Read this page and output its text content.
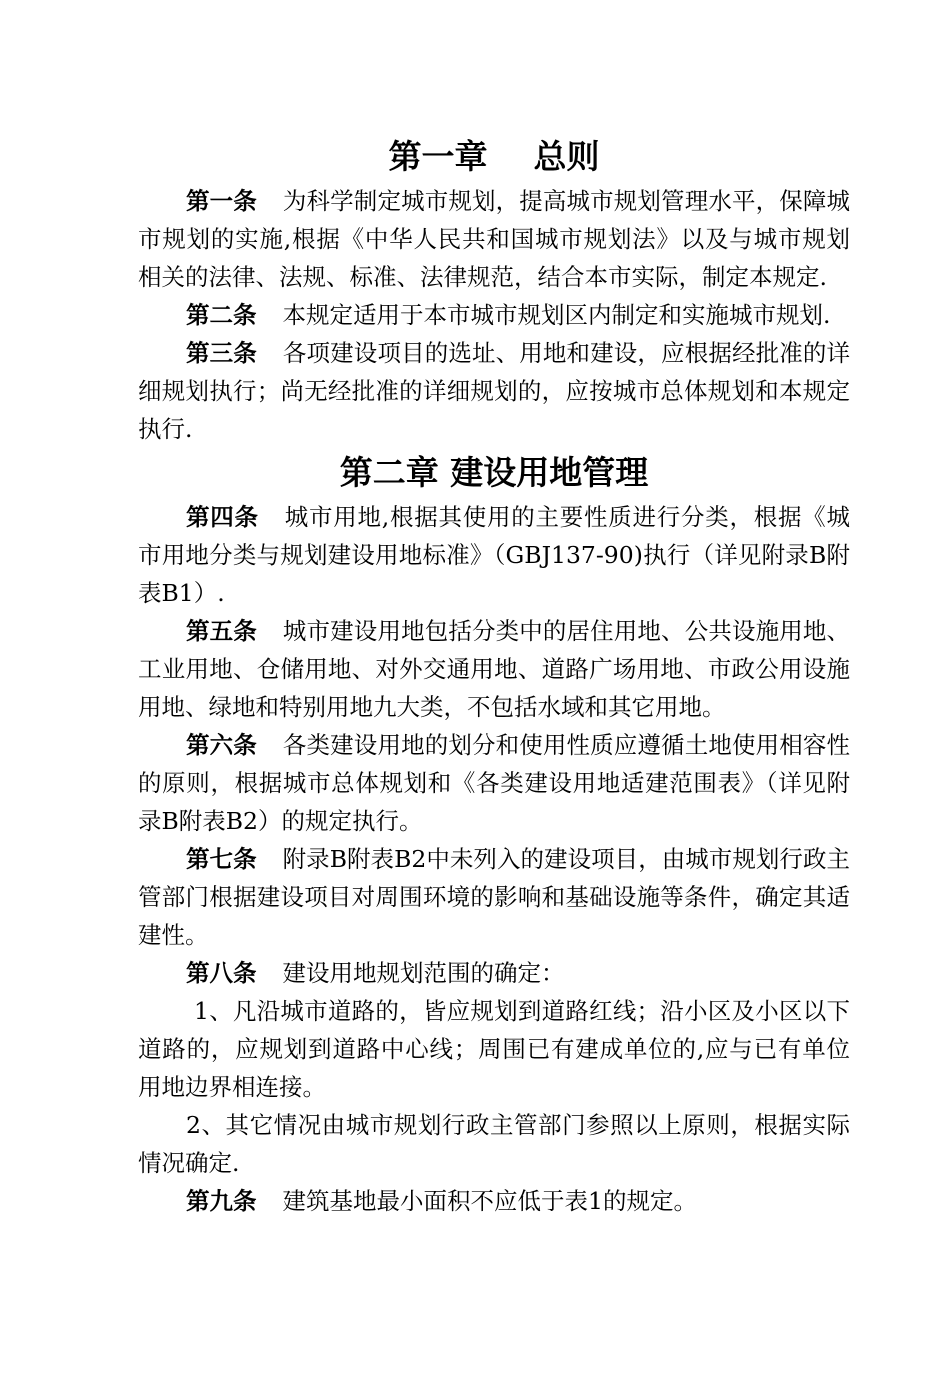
第一章    总则

第一条 为科学制定城市规划，提高城市规划管理水平，保障城市规划的实施,根据《中华人民共和国城市规划法》以及与城市规划相关的法律、法规、标准、法律规范，结合本市实际，制定本规定.

第二条 本规定适用于本市城市规划区内制定和实施城市规划.

第三条 各项建设项目的选址、用地和建设，应根据经批准的详细规划执行；尚无经批准的详细规划的，应按城市总体规划和本规定执行.

第二章 建设用地管理

第四条 城市用地,根据其使用的主要性质进行分类，根据《城市用地分类与规划建设用地标准》（GBJ137-90)执行（详见附录B附表B1）.

第五条 城市建设用地包括分类中的居住用地、公共设施用地、工业用地、仓储用地、对外交通用地、道路广场用地、市政公用设施用地、绿地和特别用地九大类，不包括水域和其它用地。

第六条 各类建设用地的划分和使用性质应遵循土地使用相容性的原则，根据城市总体规划和《各类建设用地适建范围表》（详见附录B附表B2）的规定执行。

第七条 附录B附表B2中未列入的建设项目，由城市规划行政主管部门根据建设项目对周围环境的影响和基础设施等条件，确定其适建性。

第八条 建设用地规划范围的确定：

1、凡沿城市道路的，皆应规划到道路红线；沿小区及小区以下道路的，应规划到道路中心线；周围已有建成单位的,应与已有单位用地边界相连接。

2、其它情况由城市规划行政主管部门参照以上原则，根据实际情况确定.

第九条 建筑基地最小面积不应低于表1的规定。
